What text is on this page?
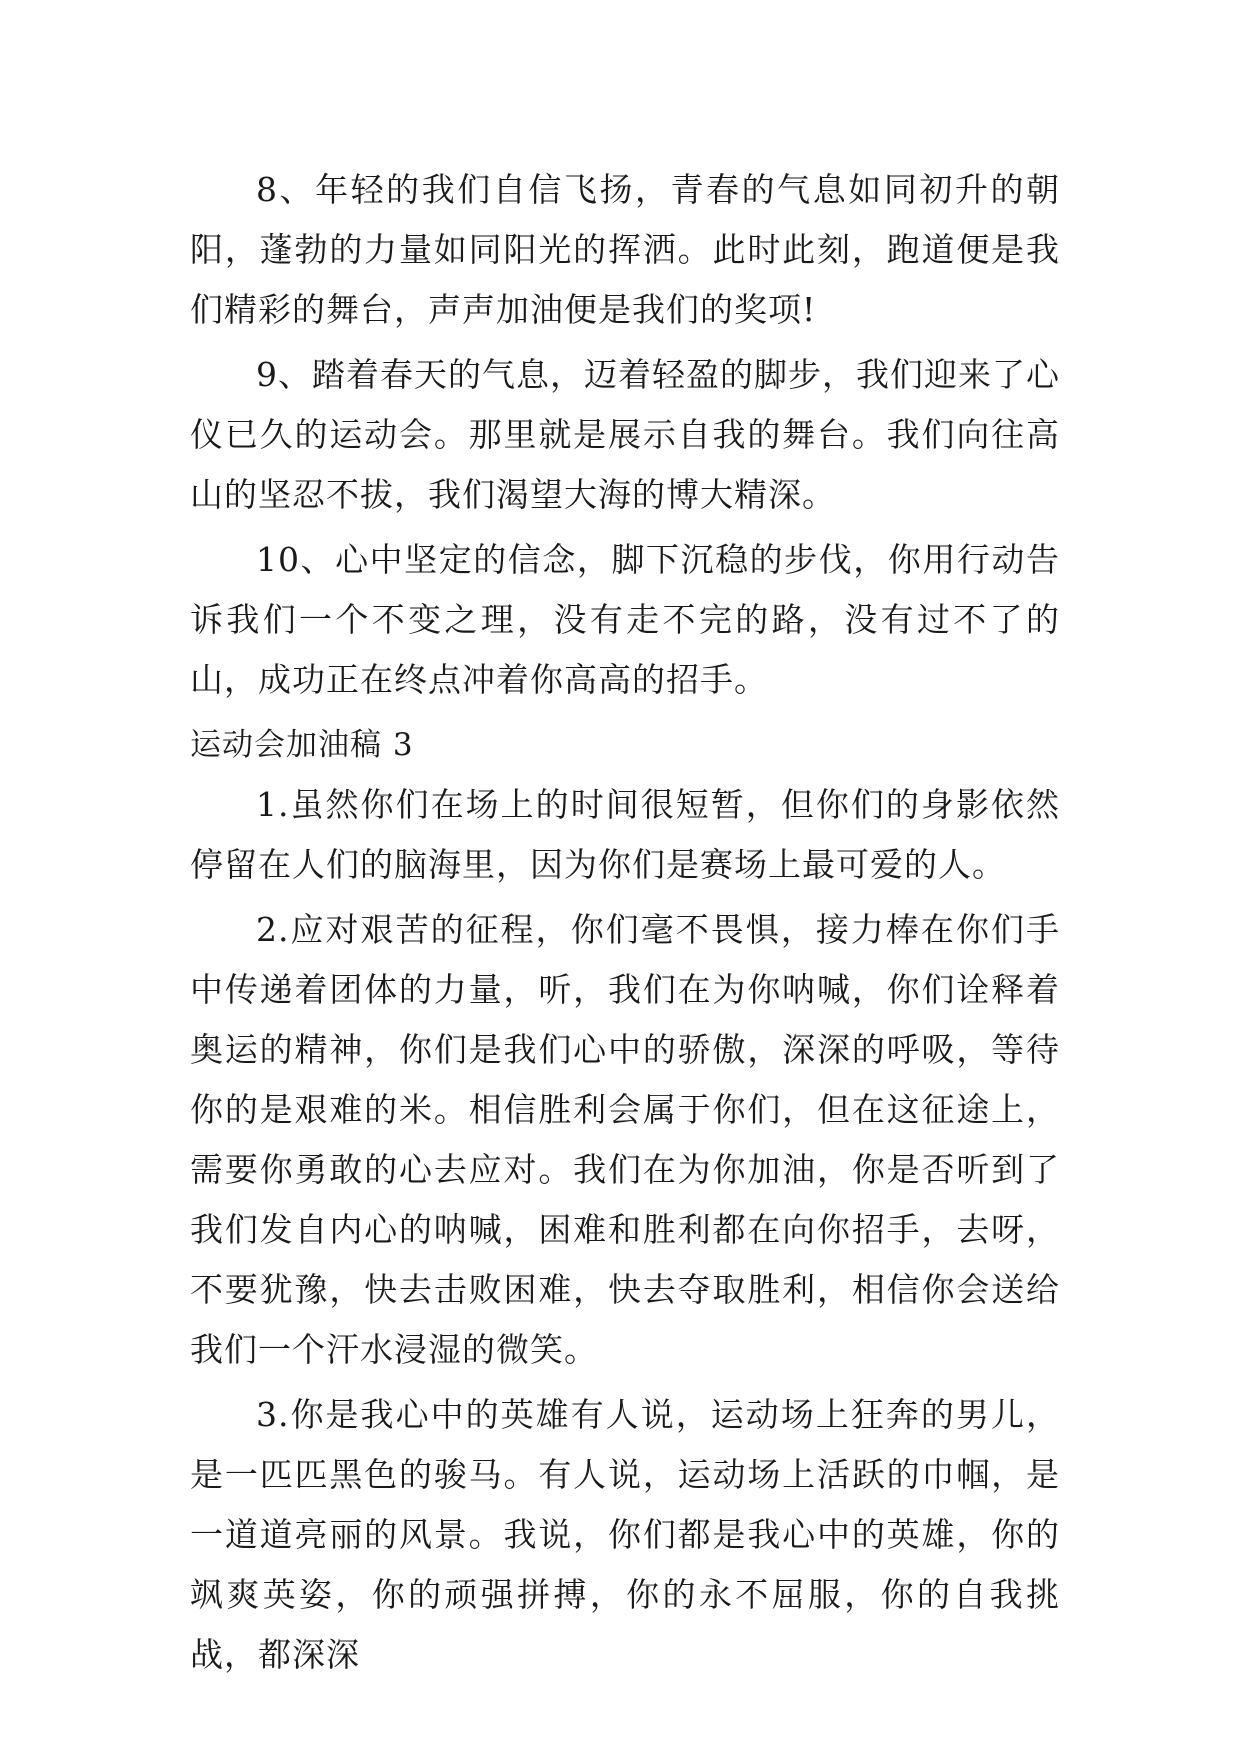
8、年轻的我们自信飞扬，青春的气息如同初升的朝阳，蓬勃的力量如同阳光的挥洒。此时此刻，跑道便是我们精彩的舞台，声声加油便是我们的奖项!

9、踏着春天的气息，迈着轻盈的脚步，我们迎来了心仪已久的运动会。那里就是展示自我的舞台。我们向往高山的坚忍不拔，我们渴望大海的博大精深。

10、心中坚定的信念，脚下沉稳的步伐，你用行动告诉我们一个不变之理，没有走不完的路，没有过不了的山，成功正在终点冲着你高高的招手。

运动会加油稿 3

1.虽然你们在场上的时间很短暂，但你们的身影依然停留在人们的脑海里，因为你们是赛场上最可爱的人。

2.应对艰苦的征程，你们毫不畏惧，接力棒在你们手中传递着团体的力量，听，我们在为你呐喊，你们诠释着奥运的精神，你们是我们心中的骄傲，深深的呼吸，等待你的是艰难的米。相信胜利会属于你们，但在这征途上，需要你勇敢的心去应对。我们在为你加油，你是否听到了我们发自内心的呐喊，困难和胜利都在向你招手，去呀，不要犹豫，快去击败困难，快去夺取胜利，相信你会送给我们一个汗水浸湿的微笑。

3.你是我心中的英雄有人说，运动场上狂奔的男儿，是一匹匹黑色的骏马。有人说，运动场上活跃的巾帼，是一道道亮丽的风景。我说，你们都是我心中的英雄，你的飒爽英姿，你的顽强拼搏，你的永不屈服，你的自我挑战，都深深
